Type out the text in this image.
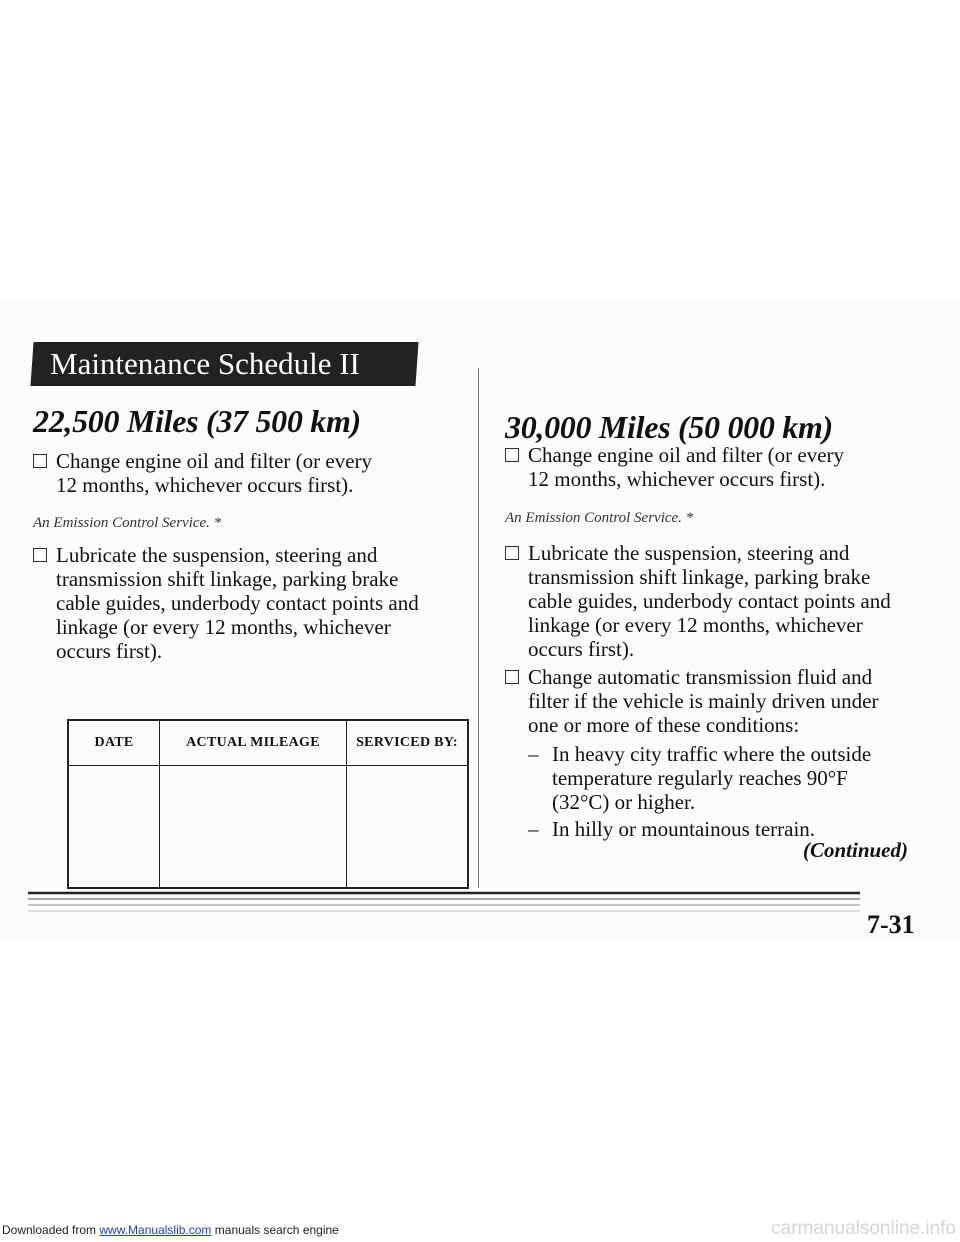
Maintenance Schedule II
22,500 Miles (37 500 km)
Change engine oil and filter (or every
12 months, whichever occurs first).
An Emission Control Service. *
Lubricate the suspension, steering and
transmission shift linkage, parking brake
cable guides, underbody contact points and
linkage (or every 12 months, whichever
occurs first).
DATE	ACTUAL MILEAGE	SERVICED BY:

30,000 Miles (50 000 km)
Change engine oil and filter (or every
12 months, whichever occurs first).
An Emission Control Service. *
Lubricate the suspension, steering and
transmission shift linkage, parking brake
cable guides, underbody contact points and
linkage (or every 12 months, whichever
occurs first).
Change automatic transmission fluid and
filter if the vehicle is mainly driven under
one or more of these conditions:
– In heavy city traffic where the outside
temperature regularly reaches 90°F
(32°C) or higher.
– In hilly or mountainous terrain.
(Continued)
7-31
Downloaded from www.Manualslib.com manuals search engine	carmanualsonline.info
